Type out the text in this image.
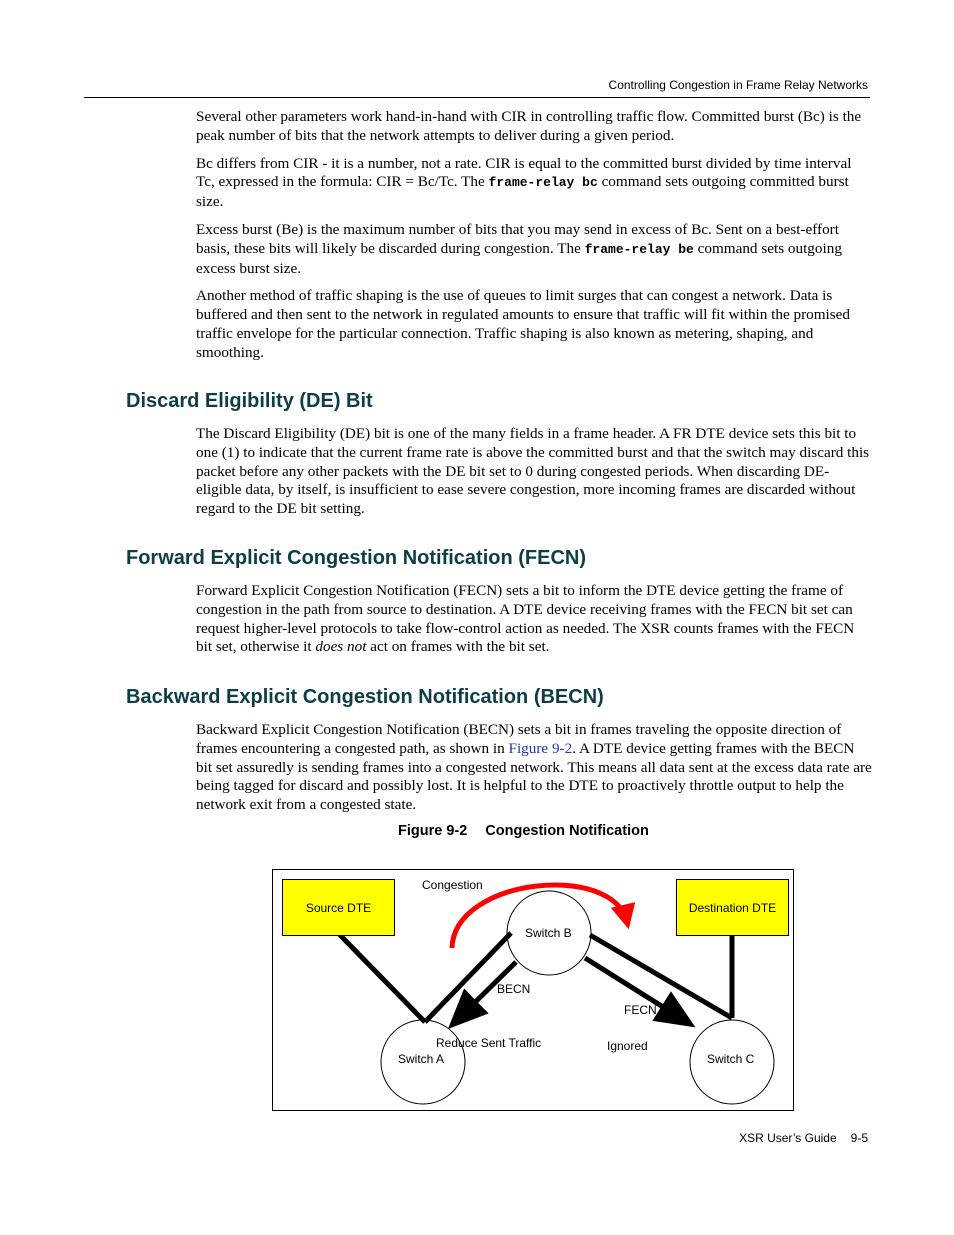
Controlling Congestion in Frame Relay Networks

Several other parameters work hand-in-hand with CIR in controlling traffic flow. Committed burst (Bc) is the peak number of bits that the network attempts to deliver during a given period.

Bc differs from CIR - it is a number, not a rate. CIR is equal to the committed burst divided by time interval Tc, expressed in the formula: CIR = Bc/Tc. The frame-relay bc command sets outgoing committed burst size.

Excess burst (Be) is the maximum number of bits that you may send in excess of Bc. Sent on a best-effort basis, these bits will likely be discarded during congestion. The frame-relay be command sets outgoing excess burst size.

Another method of traffic shaping is the use of queues to limit surges that can congest a network. Data is buffered and then sent to the network in regulated amounts to ensure that traffic will fit within the promised traffic envelope for the particular connection. Traffic shaping is also known as metering, shaping, and smoothing.

Discard Eligibility (DE) Bit

The Discard Eligibility (DE) bit is one of the many fields in a frame header. A FR DTE device sets this bit to one (1) to indicate that the current frame rate is above the committed burst and that the switch may discard this packet before any other packets with the DE bit set to 0 during congested periods. When discarding DE-eligible data, by itself, is insufficient to ease severe congestion, more incoming frames are discarded without regard to the DE bit setting.

Forward Explicit Congestion Notification (FECN)

Forward Explicit Congestion Notification (FECN) sets a bit to inform the DTE device getting the frame of congestion in the path from source to destination. A DTE device receiving frames with the FECN bit set can request higher-level protocols to take flow-control action as needed. The XSR counts frames with the FECN bit set, otherwise it does not act on frames with the bit set.

Backward Explicit Congestion Notification (BECN)

Backward Explicit Congestion Notification (BECN) sets a bit in frames traveling the opposite direction of frames encountering a congested path, as shown in Figure 9-2. A DTE device getting frames with the BECN bit set assuredly is sending frames into a congested network. This means all data sent at the excess data rate are being tagged for discard and possibly lost. It is helpful to the DTE to proactively throttle output to help the network exit from a congested state.

Figure 9-2 Congestion Notification
Source DTE	Destination DTE
Congestion
Switch B
BECN
FECN
Reduce Sent Traffic	Ignored
Switch A	Switch C
XSR User’s Guide 9-5
